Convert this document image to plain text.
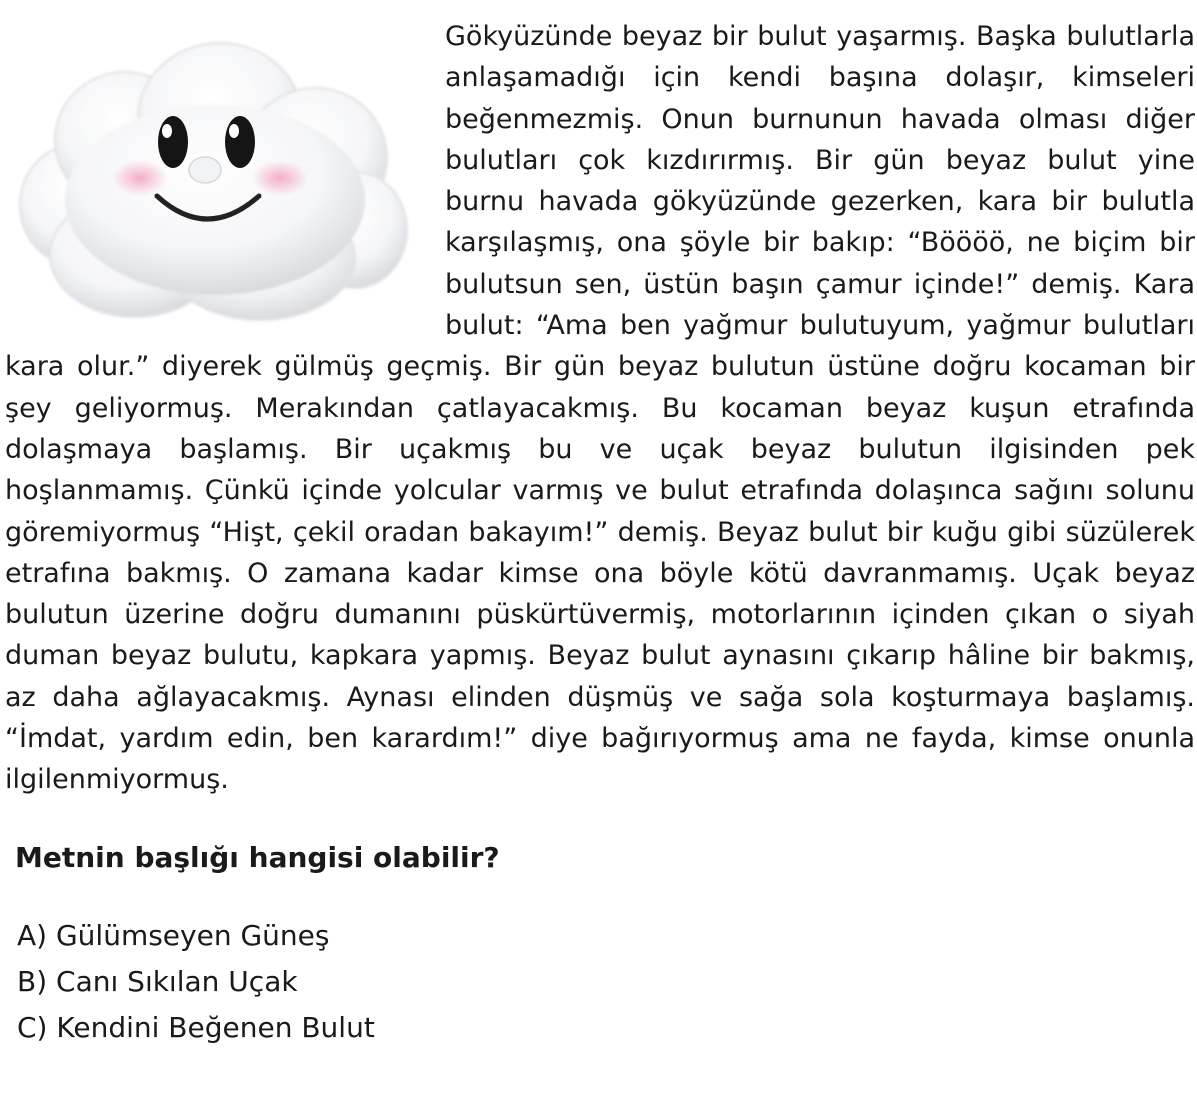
Gökyüzünde beyaz bir bulut yaşarmış. Başka bulutlarla anlaşamadığı için kendi başına dolaşır, kimseleri beğenmezmiş. Onun burnunun havada olması diğer bulutları çok kızdırırmış. Bir gün beyaz bulut yine burnu havada gökyüzünde gezerken, kara bir bulutla karşılaşmış, ona şöyle bir bakıp: “Böööö, ne biçim bir bulutsun sen, üstün başın çamur içinde!” demiş. Kara bulut: “Ama ben yağmur bulutuyum, yağmur bulutları kara olur.” diyerek gülmüş geçmiş. Bir gün beyaz bulutun üstüne doğru kocaman bir şey geliyormuş. Merakından çatlayacakmış. Bu kocaman beyaz kuşun etrafında dolaşmaya başlamış. Bir uçakmış bu ve uçak beyaz bulutun ilgisinden pek hoşlanmamış. Çünkü içinde yolcular varmış ve bulut etrafında dolaşınca sağını solunu göremiyormuş “Hişt, çekil oradan bakayım!” demiş. Beyaz bulut bir kuğu gibi süzülerek etrafına bakmış. O zamana kadar kimse ona böyle kötü davranmamış. Uçak beyaz bulutun üzerine doğru dumanını püskürtüvermiş, motorlarının içinden çıkan o siyah duman beyaz bulutu, kapkara yapmış. Beyaz bulut aynasını çıkarıp hâline bir bakmış, az daha ağlayacakmış. Aynası elinden düşmüş ve sağa sola koşturmaya başlamış. “İmdat, yardım edin, ben karardım!” diye bağırıyormuş ama ne fayda, kimse onunla ilgilenmiyormuş.

Metnin başlığı hangisi olabilir?
A) Gülümseyen Güneş
B) Canı Sıkılan Uçak
C) Kendini Beğenen Bulut
